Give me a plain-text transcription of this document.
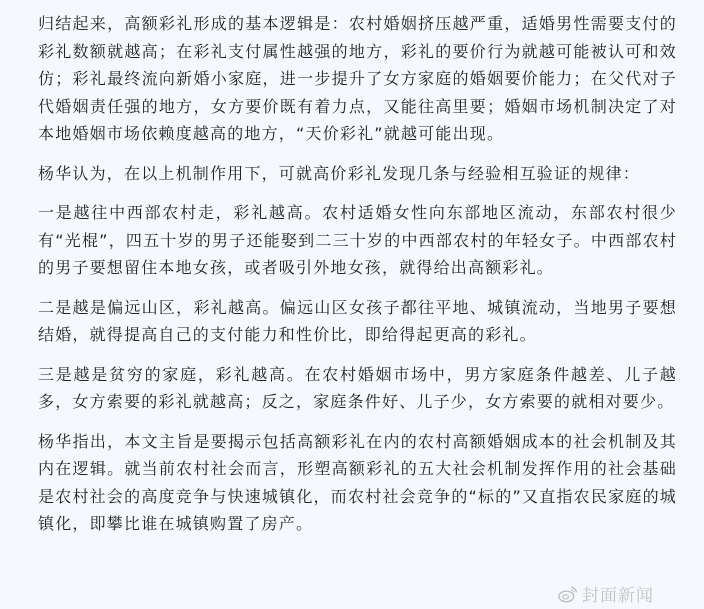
归结起来，高额彩礼形成的基本逻辑是：农村婚姻挤压越严重，适婚男性需要支付的彩礼数额就越高；在彩礼支付属性越强的地方，彩礼的要价行为就越可能被认可和效仿；彩礼最终流向新婚小家庭，进一步提升了女方家庭的婚姻要价能力；在父代对子代婚姻责任强的地方，女方要价既有着力点，又能往高里要；婚姻市场机制决定了对本地婚姻市场依赖度越高的地方，“天价彩礼”就越可能出现。

杨华认为，在以上机制作用下，可就高价彩礼发现几条与经验相互验证的规律：

一是越往中西部农村走，彩礼越高。农村适婚女性向东部地区流动，东部农村很少有“光棍”，四五十岁的男子还能娶到二三十岁的中西部农村的年轻女子。中西部农村的男子要想留住本地女孩，或者吸引外地女孩，就得给出高额彩礼。

二是越是偏远山区，彩礼越高。偏远山区女孩子都往平地、城镇流动，当地男子要想结婚，就得提高自己的支付能力和性价比，即给得起更高的彩礼。

三是越是贫穷的家庭，彩礼越高。在农村婚姻市场中，男方家庭条件越差、儿子越多，女方索要的彩礼就越高；反之，家庭条件好、儿子少，女方索要的就相对要少。

杨华指出，本文主旨是要揭示包括高额彩礼在内的农村高额婚姻成本的社会机制及其内在逻辑。就当前农村社会而言，形塑高额彩礼的五大社会机制发挥作用的社会基础是农村社会的高度竞争与快速城镇化，而农村社会竞争的“标的”又直指农民家庭的城镇化，即攀比谁在城镇购置了房产。

封面新闻
